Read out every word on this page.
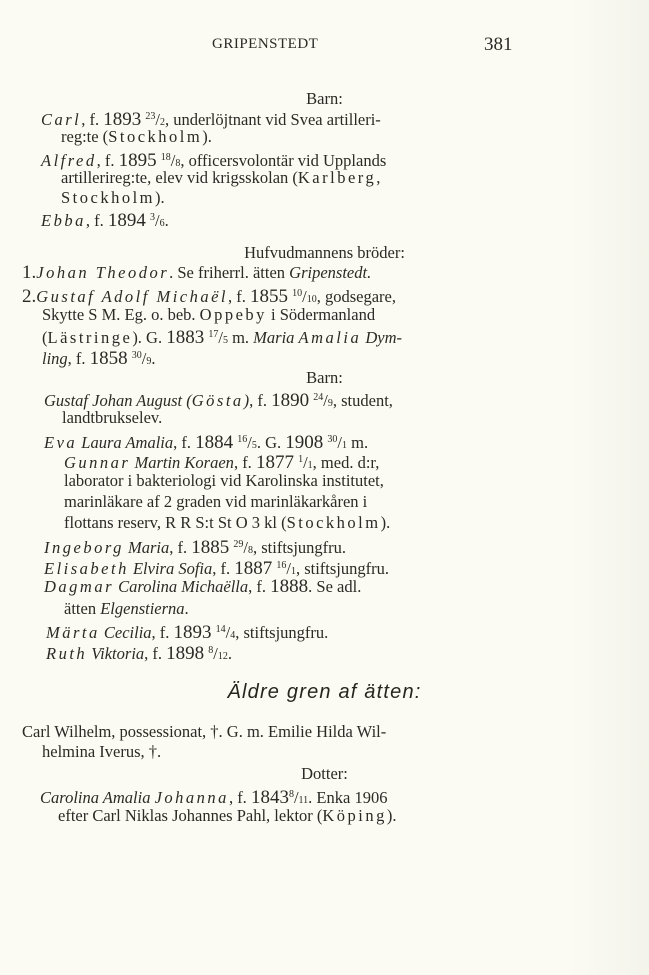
GRIPENSTEDT	381
Barn:
Carl, f. 1893 $^{23}$/2, underlöjtnant vid Svea artilleri-
reg:te (Stockholm).
Alfred, f. 1895 $^{18}$/8, officersvolontär vid Upplands
artillerireg:te, elev vid krigsskolan (Karlberg,
Stockholm).
Ebba, f. 1894 $^3$/6.
Hufvudmannens bröder:
1.Johan Theodor. Se friherrl. ätten Gripenstedt.
2.Gustaf Adolf Michaël, f. 1855 $^{10}$/10, godsegare,
Skytte S M. Eg. o. beb. Oppeby i Södermanland
(Lästringe). G. 1883 $^{17}$/5 m. Maria Amalia Dym-
ling, f. 1858 $^{30}$/9.
Barn:
Gustaf Johan August (Gösta), f. 1890 $^{24}$/9, student,
landtbrukselev.
Eva Laura Amalia, f. 1884 $^{16}$/5. G. 1908 $^{30}$/1 m.
Gunnar Martin Koraen, f. 1877 $^1$/1, med. d:r,
laborator i bakteriologi vid Karolinska institutet,
marinläkare af 2 graden vid marinläkarkåren i
flottans reserv, R R S:t St O 3 kl (Stockholm).
Ingeborg Maria, f. 1885 $^{29}$/8, stiftsjungfru.
Elisabeth Elvira Sofia, f. 1887 $^{16}$/1, stiftsjungfru.
Dagmar Carolina Michaëlla, f. 1888. Se adl.
ätten Elgenstierna.
Märta Cecilia, f. 1893 $^{14}$/4, stiftsjungfru.
Ruth Viktoria, f. 1898 $^8$/12.
Äldre gren af ätten:
Carl Wilhelm, possessionat, †. G. m. Emilie Hilda Wil-
helmina Iverus, †.
Dotter:
Carolina Amalia Johanna, f. 1843$^8$/11. Enka 1906
efter Carl Niklas Johannes Pahl, lektor (Köping).
